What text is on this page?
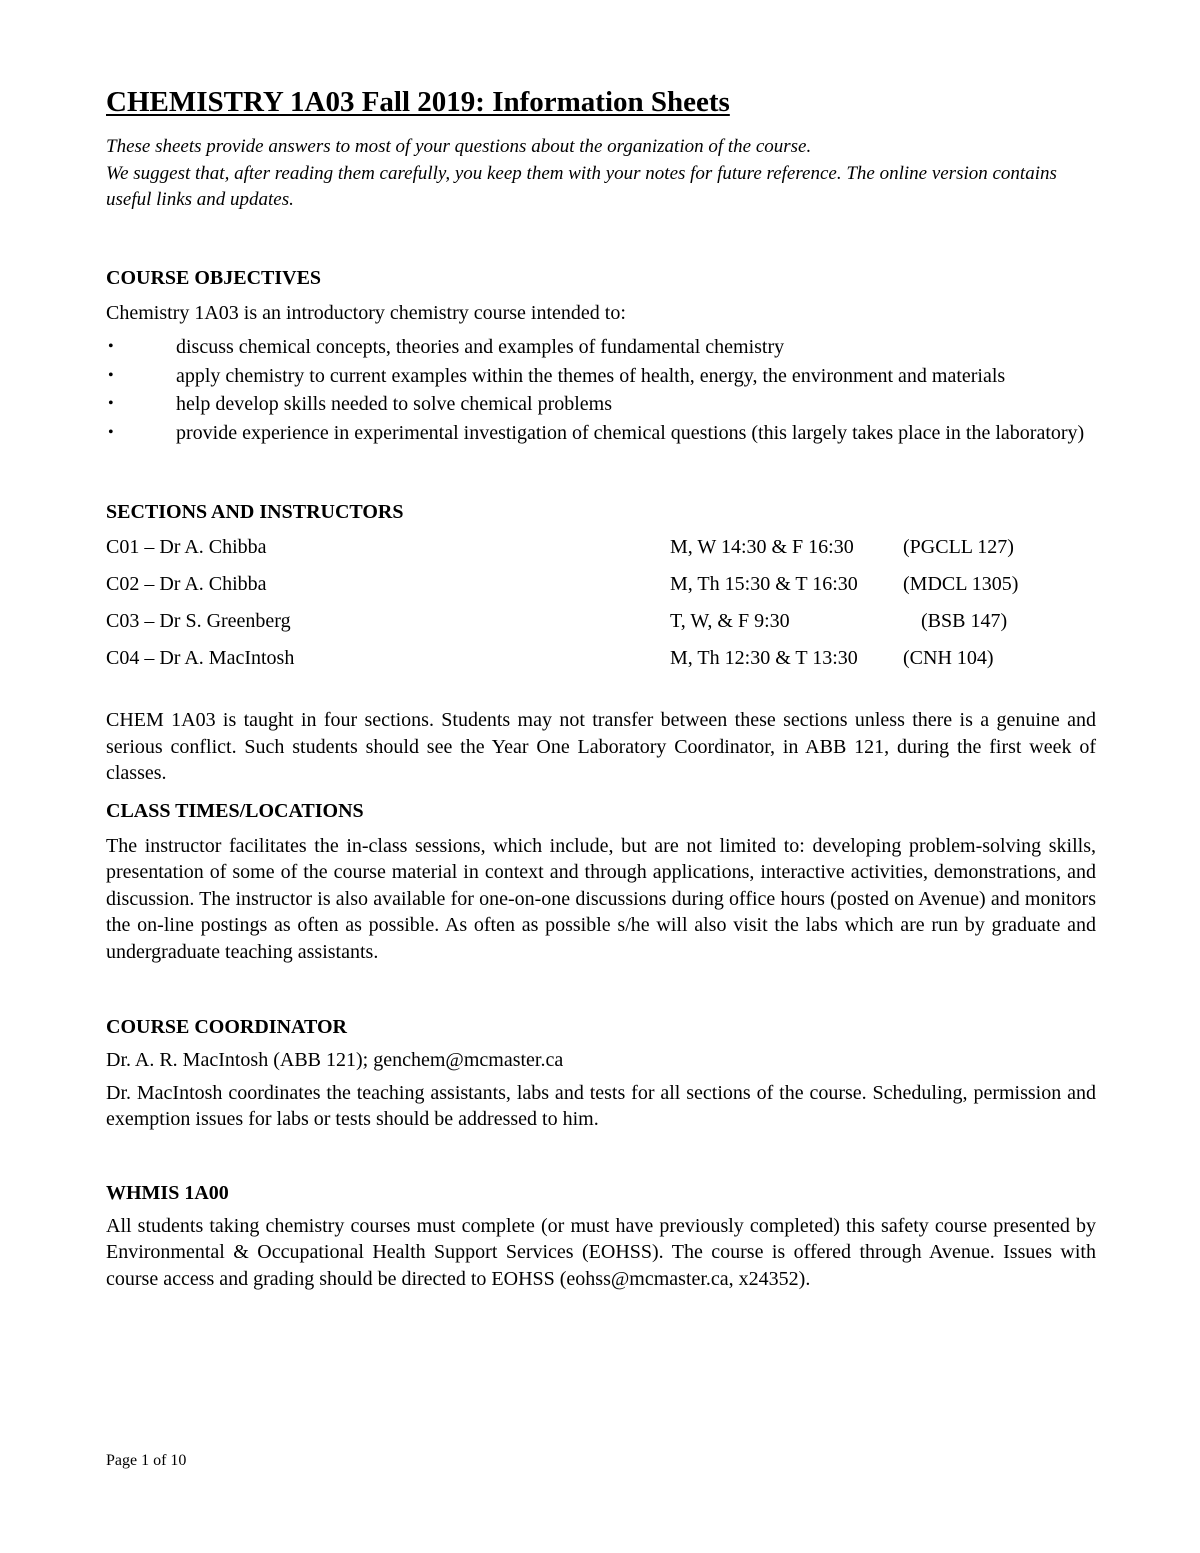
CHEMISTRY 1A03 Fall 2019: Information Sheets

These sheets provide answers to most of your questions about the organization of the course.

We suggest that, after reading them carefully, you keep them with your notes for future reference. The online version contains useful links and updates.

COURSE OBJECTIVES

Chemistry 1A03 is an introductory chemistry course intended to:

•	discuss chemical concepts, theories and examples of fundamental chemistry
•	apply chemistry to current examples within the themes of health, energy, the environment and materials
•	help develop skills needed to solve chemical problems
•	provide experience in experimental investigation of chemical questions (this largely takes place in the laboratory)
SECTIONS AND INSTRUCTORS
C01 – Dr A. Chibba	M, W 14:30 & F 16:30	(PGCLL 127)
C02 – Dr A. Chibba	M, Th 15:30 & T 16:30	(MDCL 1305)
C03 – Dr S. Greenberg	T, W, & F 9:30	(BSB 147)
C04 – Dr A. MacIntosh	M, Th 12:30 & T 13:30	(CNH 104)

CHEM 1A03 is taught in four sections. Students may not transfer between these sections unless there is a genuine and serious conflict. Such students should see the Year One Laboratory Coordinator, in ABB 121, during the first week of classes.

CLASS TIMES/LOCATIONS

The instructor facilitates the in-class sessions, which include, but are not limited to: developing problem-solving skills, presentation of some of the course material in context and through applications, interactive activities, demonstrations, and discussion. The instructor is also available for one-on-one discussions during office hours (posted on Avenue) and monitors the on-line postings as often as possible. As often as possible s/he will also visit the labs which are run by graduate and undergraduate teaching assistants.

COURSE COORDINATOR

Dr. A. R. MacIntosh (ABB 121); genchem@mcmaster.ca

Dr. MacIntosh coordinates the teaching assistants, labs and tests for all sections of the course. Scheduling, permission and exemption issues for labs or tests should be addressed to him.

WHMIS 1A00

All students taking chemistry courses must complete (or must have previously completed) this safety course presented by Environmental & Occupational Health Support Services (EOHSS). The course is offered through Avenue. Issues with course access and grading should be directed to EOHSS (eohss@mcmaster.ca, x24352).

Page 1 of 10
